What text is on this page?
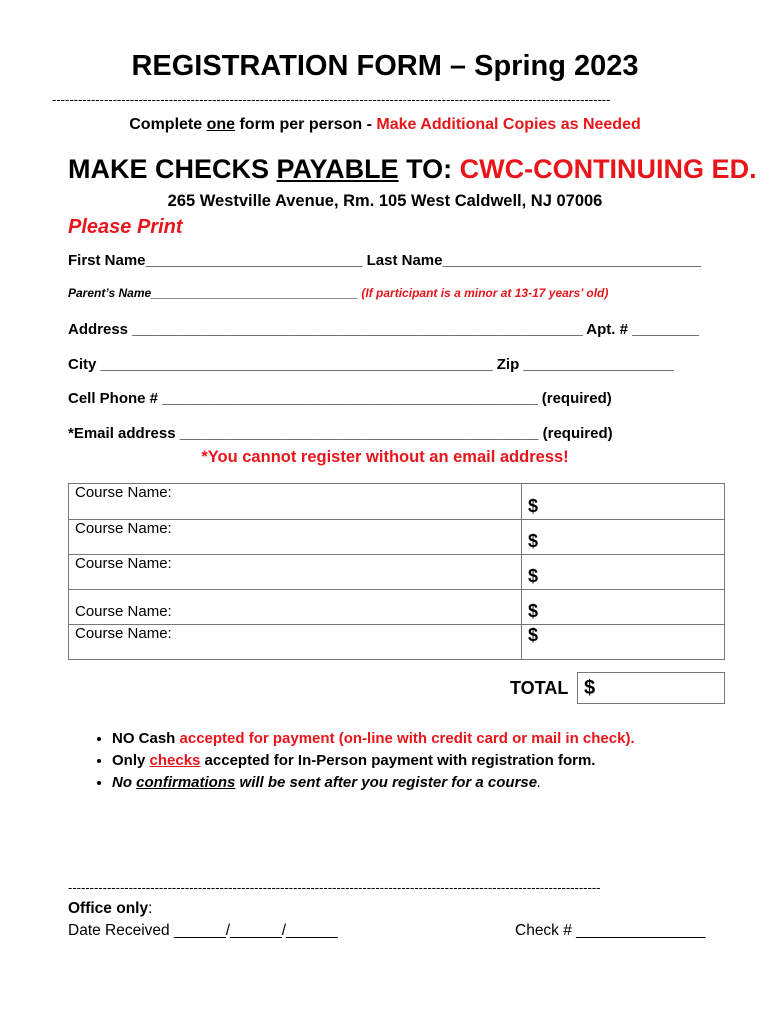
REGISTRATION FORM – Spring 2023
---------------------------------------------------------------------------------------------------------------------------------
Complete one form per person - Make Additional Copies as Needed
MAKE CHECKS PAYABLE TO: CWC-CONTINUING ED.
265 Westville Avenue, Rm. 105 West Caldwell, NJ 07006
Please Print
First Name__________________________ Last Name_______________________________
Parent’s Name_______________________________ (If participant is a minor at 13-17 years’ old)
Address ______________________________________________________ Apt. # ________
City _______________________________________________ Zip __________________
Cell Phone # _____________________________________________ (required)
*Email address ___________________________________________ (required)
*You cannot register without an email address!
Course Name:	$
Course Name:	$
Course Name:	$
Course Name:	$
Course Name:	$
TOTAL $
• NO Cash accepted for payment (on-line with credit card or mail in check).
• Only checks accepted for In-Person payment with registration form.
• No confirmations will be sent after you register for a course.
---------------------------------------------------------------------------------------------------------------------------
Office only:
Date Received ______/______/______	Check # _______________
